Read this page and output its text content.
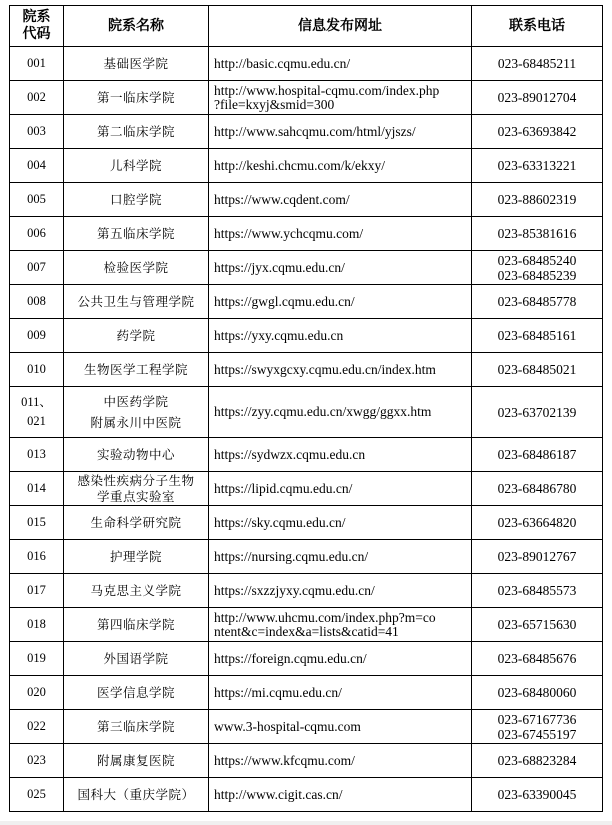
院系
代码	院系名称	信息发布网址	联系电话

001	基础医学院	http://basic.cqmu.edu.cn/	023-68485211

002	第一临床学院	http://www.hospital-cqmu.com/index.php
?file=kxyj&smid=300	023-89012704

003	第二临床学院	http://www.sahcqmu.com/html/yjszs/	023-63693842

004	儿科学院	http://keshi.chcmu.com/k/ekxy/	023-63313221

005	口腔学院	https://www.cqdent.com/	023-88602319

006	第五临床学院	https://www.ychcqmu.com/	023-85381616

007	检验医学院	https://jyx.cqmu.edu.cn/	023-68485240
023-68485239

008	公共卫生与管理学院	https://gwgl.cqmu.edu.cn/	023-68485778

009	药学院	https://yxy.cqmu.edu.cn	023-68485161

010	生物医学工程学院	https://swyxgcxy.cqmu.edu.cn/index.htm	023-68485021

011、
021	中医药学院
附属永川中医院	https://zyy.cqmu.edu.cn/xwgg/ggxx.htm	023-63702139

013	实验动物中心	https://sydwzx.cqmu.edu.cn	023-68486187

014	感染性疾病分子生物
学重点实验室	https://lipid.cqmu.edu.cn/	023-68486780

015	生命科学研究院	https://sky.cqmu.edu.cn/	023-63664820

016	护理学院	https://nursing.cqmu.edu.cn/	023-89012767

017	马克思主义学院	https://sxzzjyxy.cqmu.edu.cn/	023-68485573

018	第四临床学院	http://www.uhcmu.com/index.php?m=co
ntent&c=index&a=lists&catid=41	023-65715630

019	外国语学院	https://foreign.cqmu.edu.cn/	023-68485676

020	医学信息学院	https://mi.cqmu.edu.cn/	023-68480060

022	第三临床学院	www.3-hospital-cqmu.com	023-67167736
023-67455197

023	附属康复医院	https://www.kfcqmu.com/	023-68823284

025	国科大（重庆学院）	http://www.cigit.cas.cn/	023-63390045
